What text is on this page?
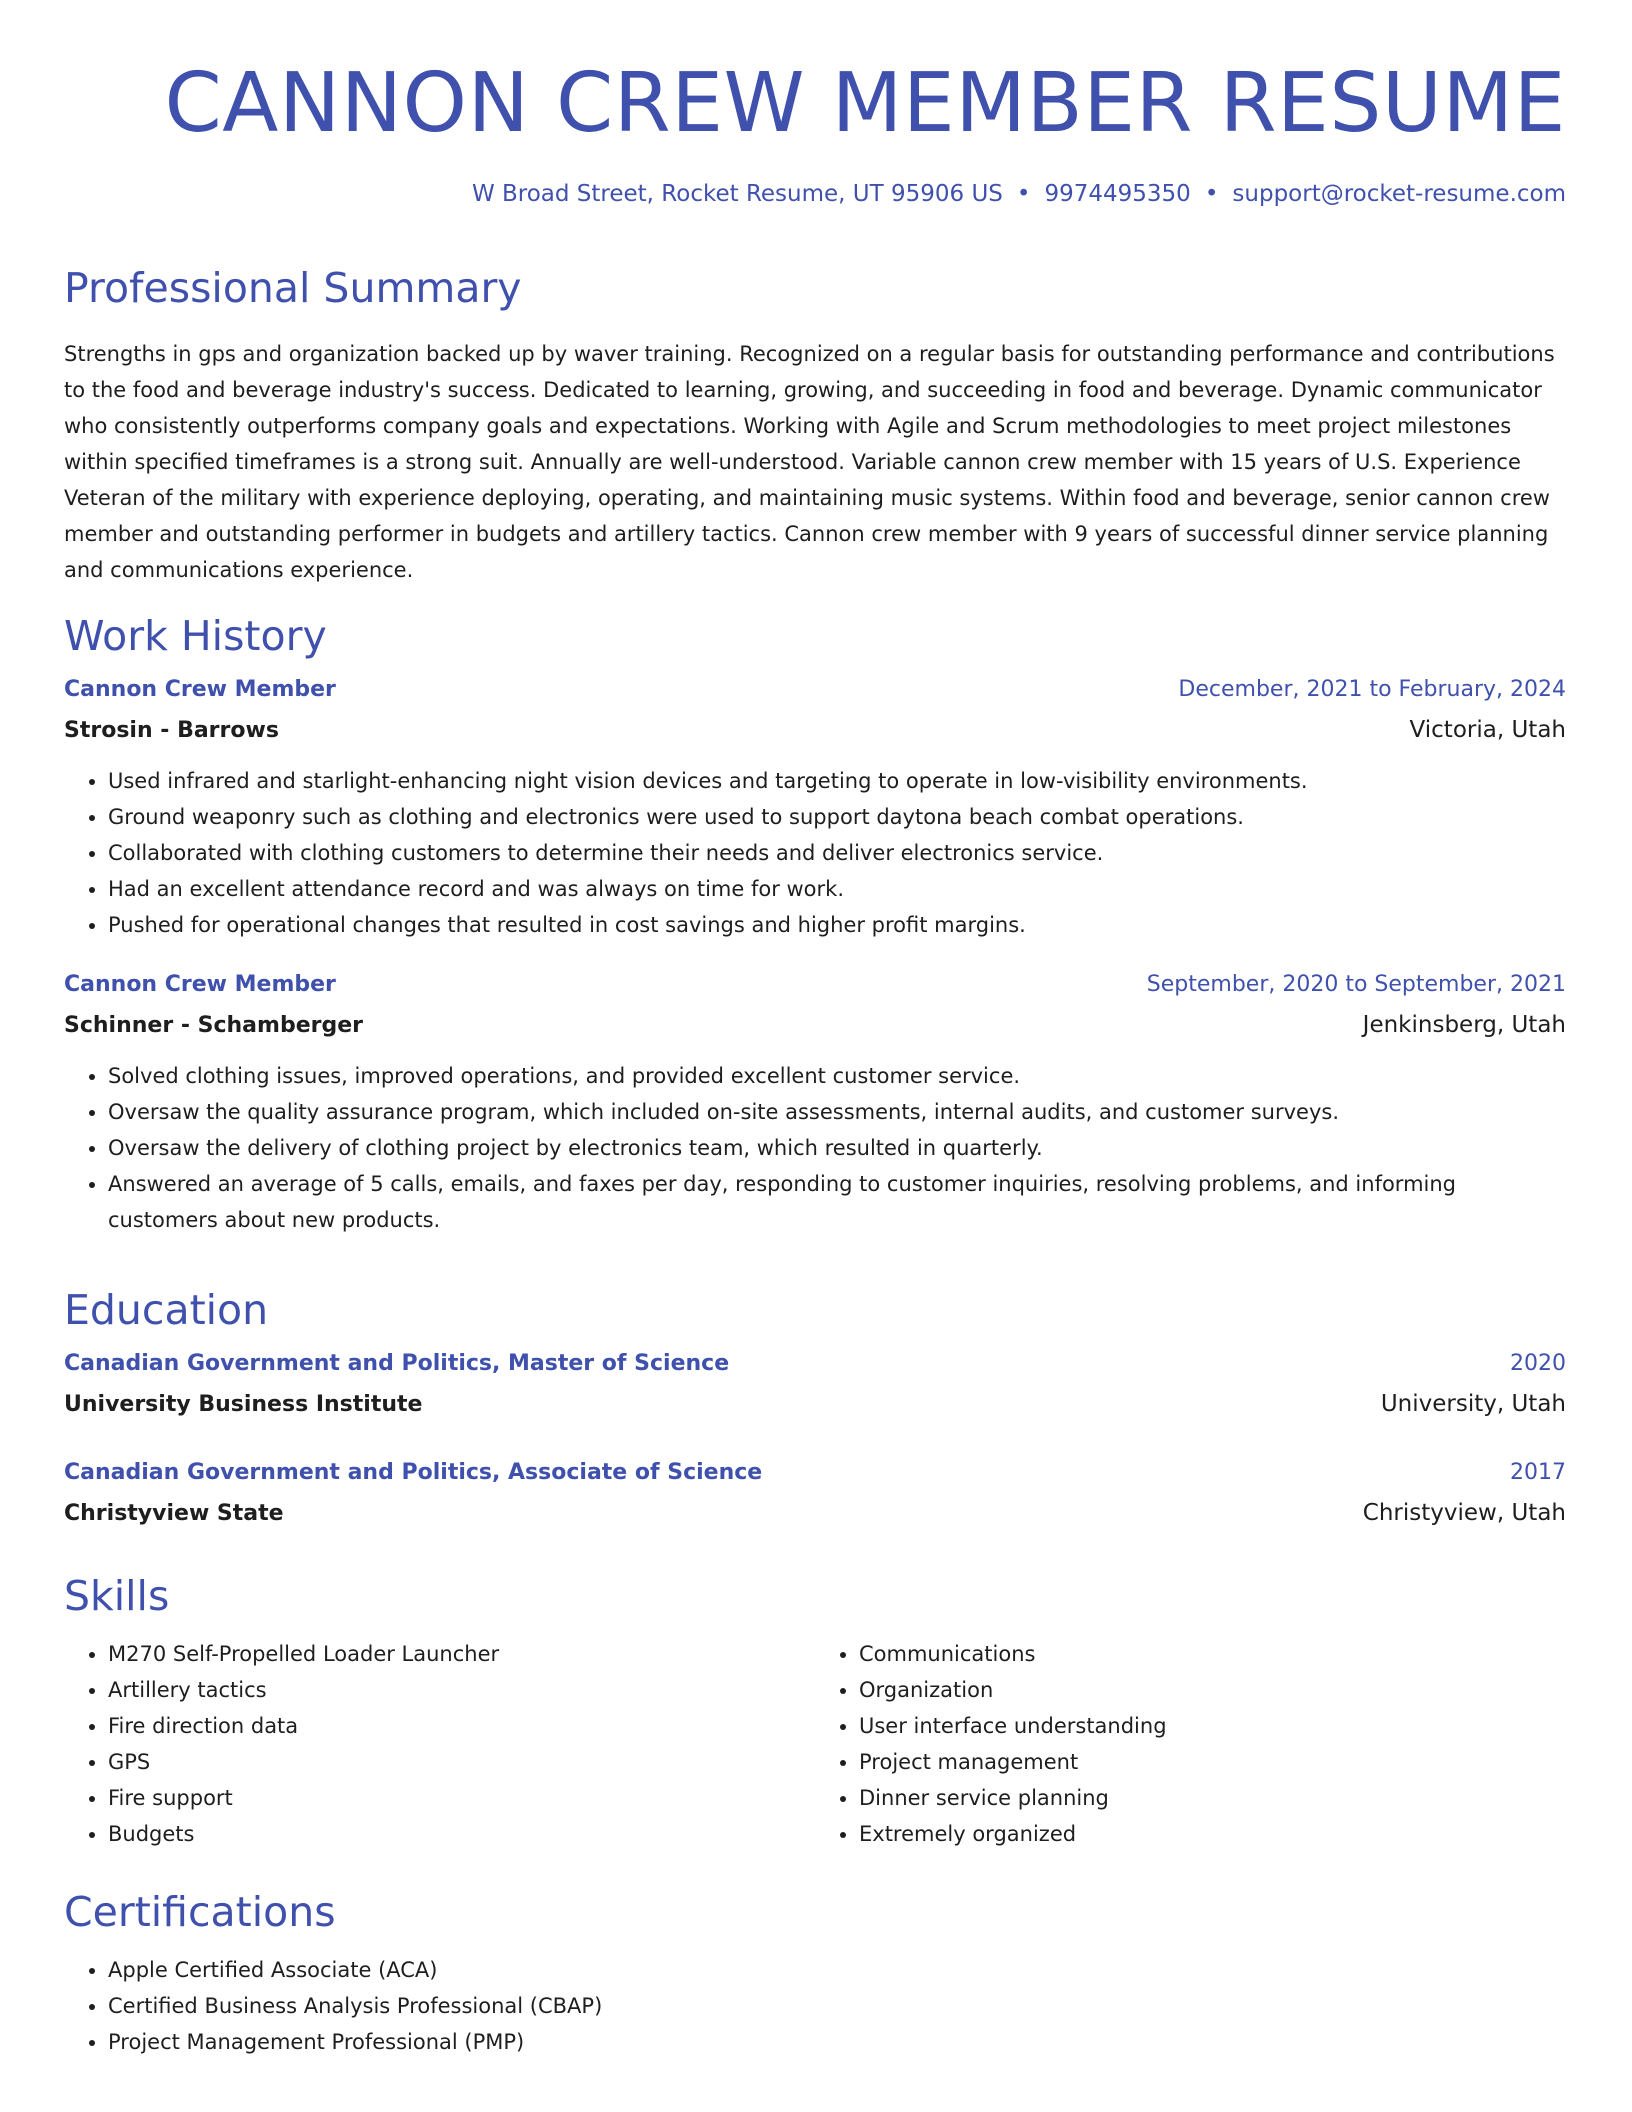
CANNON CREW MEMBER RESUME
W Broad Street, Rocket Resume, UT 95906 US • 9974495350 • support@rocket-resume.com
Professional Summary

Strengths in gps and organization backed up by waver training. Recognized on a regular basis for outstanding performance and contributions to the food and beverage industry's success. Dedicated to learning, growing, and succeeding in food and beverage. Dynamic communicator who consistently outperforms company goals and expectations. Working with Agile and Scrum methodologies to meet project milestones within specified timeframes is a strong suit. Annually are well-understood. Variable cannon crew member with 15 years of U.S. Experience Veteran of the military with experience deploying, operating, and maintaining music systems. Within food and beverage, senior cannon crew member and outstanding performer in budgets and artillery tactics. Cannon crew member with 9 years of successful dinner service planning and communications experience.

Work History
Cannon Crew Member	December, 2021 to February, 2024
Strosin - Barrows	Victoria, Utah
• Used infrared and starlight-enhancing night vision devices and targeting to operate in low-visibility environments.
• Ground weaponry such as clothing and electronics were used to support daytona beach combat operations.
• Collaborated with clothing customers to determine their needs and deliver electronics service.
• Had an excellent attendance record and was always on time for work.
• Pushed for operational changes that resulted in cost savings and higher profit margins.
Cannon Crew Member	September, 2020 to September, 2021
Schinner - Schamberger	Jenkinsberg, Utah
• Solved clothing issues, improved operations, and provided excellent customer service.
• Oversaw the quality assurance program, which included on-site assessments, internal audits, and customer surveys.
• Oversaw the delivery of clothing project by electronics team, which resulted in quarterly.
• Answered an average of 5 calls, emails, and faxes per day, responding to customer inquiries, resolving problems, and informing customers about new products.
Education
Canadian Government and Politics, Master of Science	2020
University Business Institute	University, Utah
Canadian Government and Politics, Associate of Science	2017
Christyview State	Christyview, Utah
Skills
• M270 Self-Propelled Loader Launcher
• Artillery tactics
• Fire direction data
• GPS
• Fire support
• Budgets
• Communications
• Organization
• User interface understanding
• Project management
• Dinner service planning
• Extremely organized
Certifications
• Apple Certified Associate (ACA)
• Certified Business Analysis Professional (CBAP)
• Project Management Professional (PMP)
